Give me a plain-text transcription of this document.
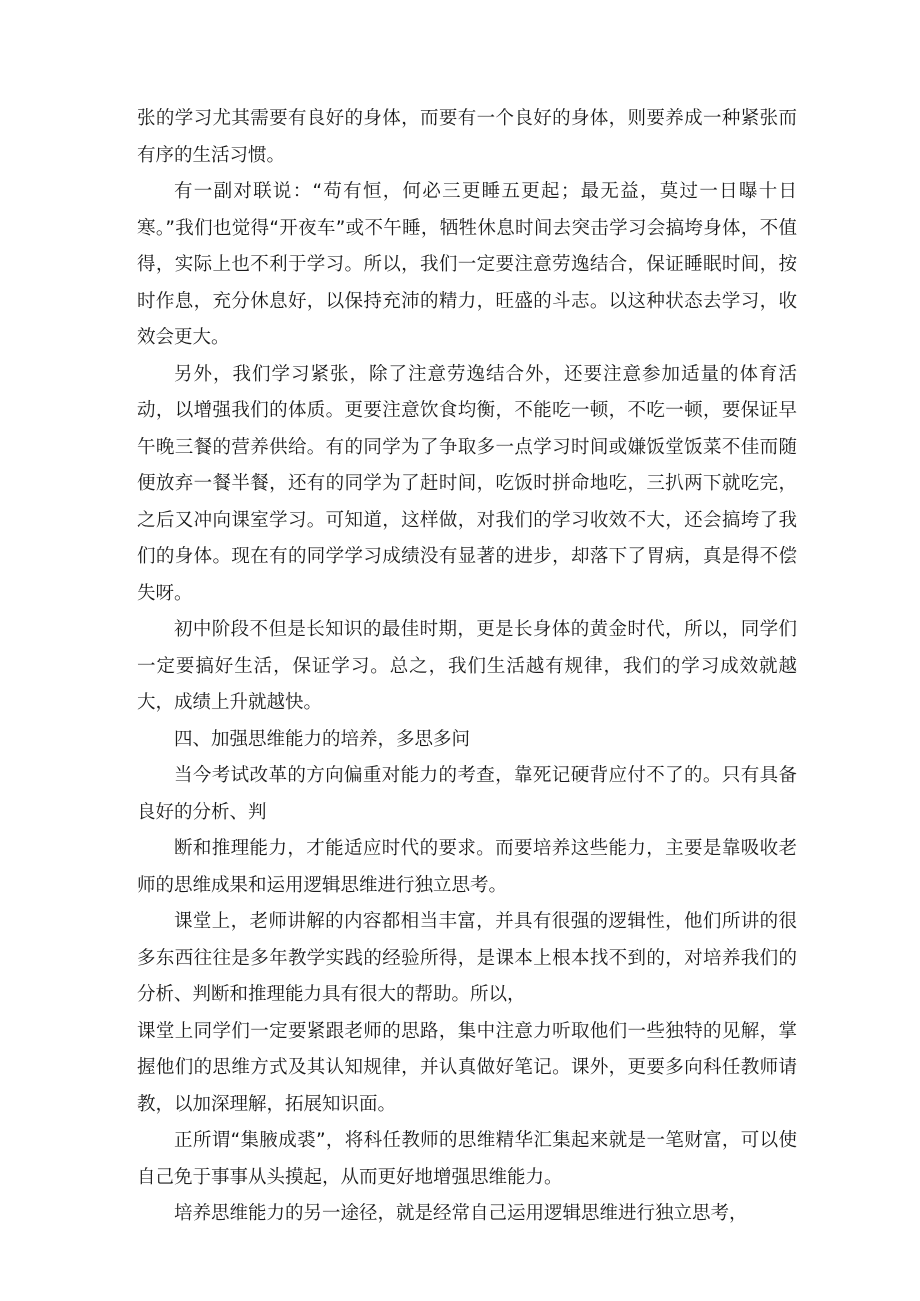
张的学习尤其需要有良好的身体，而要有一个良好的身体，则要养成一种紧张而有序的生活习惯。

有一副对联说：“苟有恒，何必三更睡五更起；最无益，莫过一日曝十日寒。”我们也觉得“开夜车”或不午睡，牺牲休息时间去突击学习会搞垮身体，不值得，实际上也不利于学习。所以，我们一定要注意劳逸结合，保证睡眠时间，按时作息，充分休息好，以保持充沛的精力，旺盛的斗志。以这种状态去学习，收效会更大。

另外，我们学习紧张，除了注意劳逸结合外，还要注意参加适量的体育活动，以增强我们的体质。更要注意饮食均衡，不能吃一顿，不吃一顿，要保证早午晚三餐的营养供给。有的同学为了争取多一点学习时间或嫌饭堂饭菜不佳而随便放弃一餐半餐，还有的同学为了赶时间，吃饭时拼命地吃，三扒两下就吃完，之后又冲向课室学习。可知道，这样做，对我们的学习收效不大，还会搞垮了我们的身体。现在有的同学学习成绩没有显著的进步，却落下了胃病，真是得不偿失呀。

初中阶段不但是长知识的最佳时期，更是长身体的黄金时代，所以，同学们一定要搞好生活，保证学习。总之，我们生活越有规律，我们的学习成效就越大，成绩上升就越快。

四、加强思维能力的培养，多思多问

当今考试改革的方向偏重对能力的考查，靠死记硬背应付不了的。只有具备良好的分析、判

断和推理能力，才能适应时代的要求。而要培养这些能力，主要是靠吸收老师的思维成果和运用逻辑思维进行独立思考。

课堂上，老师讲解的内容都相当丰富，并具有很强的逻辑性，他们所讲的很多东西往往是多年教学实践的经验所得，是课本上根本找不到的，对培养我们的分析、判断和推理能力具有很大的帮助。所以，

课堂上同学们一定要紧跟老师的思路，集中注意力听取他们一些独特的见解，掌握他们的思维方式及其认知规律，并认真做好笔记。课外，更要多向科任教师请教，以加深理解，拓展知识面。

正所谓“集腋成裘”，将科任教师的思维精华汇集起来就是一笔财富，可以使自己免于事事从头摸起，从而更好地增强思维能力。

培养思维能力的另一途径，就是经常自己运用逻辑思维进行独立思考，
